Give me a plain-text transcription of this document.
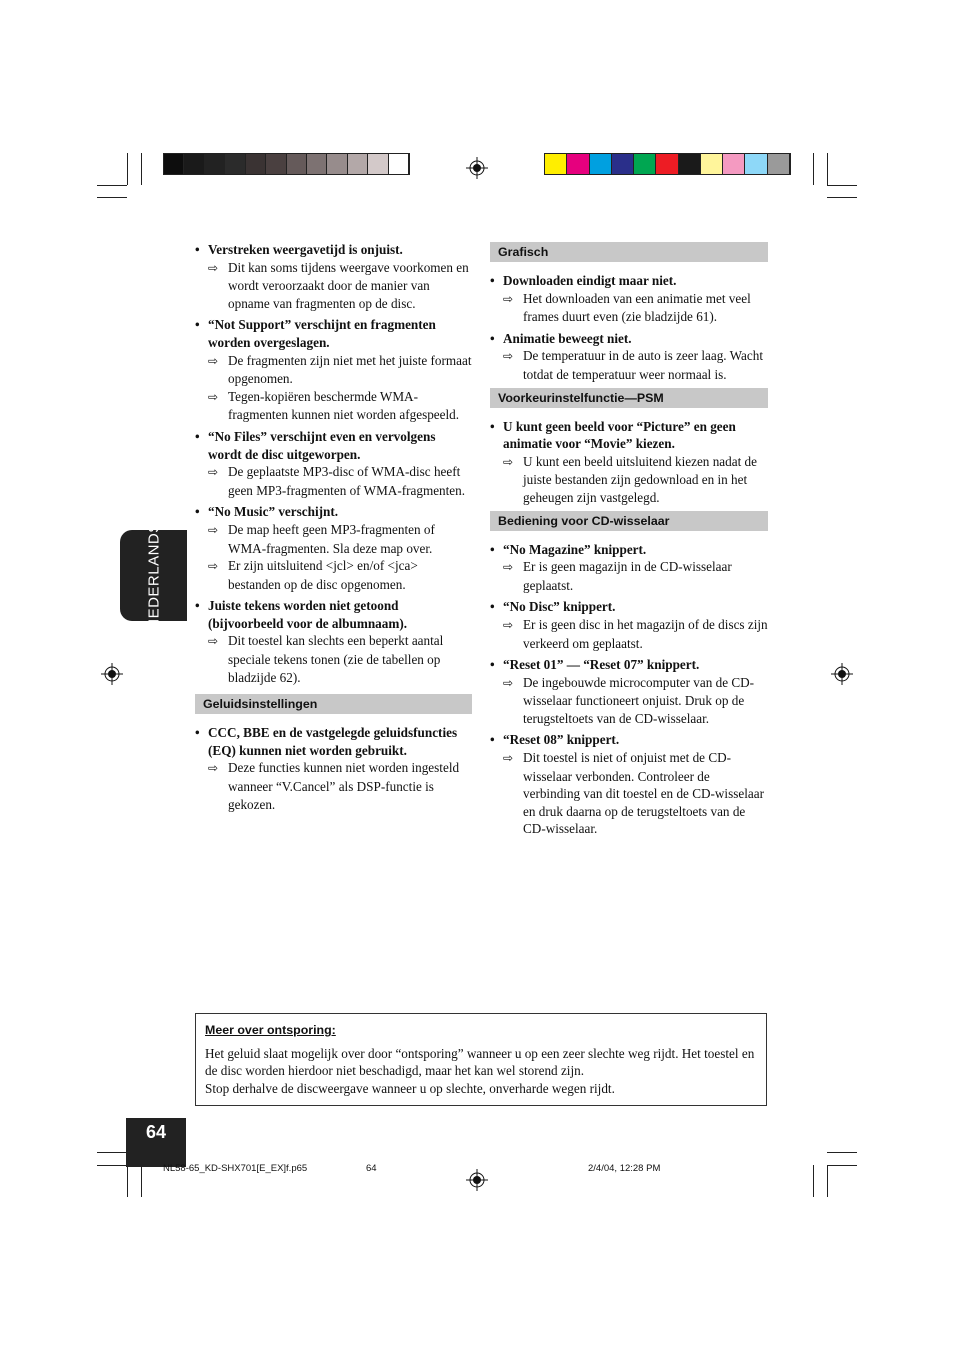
NEDERLANDS
• Verstreken weergavetijd is onjuist.
⇨ Dit kan soms tijdens weergave voorkomen en wordt veroorzaakt door de manier van opname van fragmenten op de disc.
• “Not Support” verschijnt en fragmenten worden overgeslagen.
⇨ De fragmenten zijn niet met het juiste formaat opgenomen.
⇨ Tegen-kopiëren beschermde WMA-fragmenten kunnen niet worden afgespeeld.
• “No Files” verschijnt even en vervolgens wordt de disc uitgeworpen.
⇨ De geplaatste MP3-disc of WMA-disc heeft geen MP3-fragmenten of WMA-fragmenten.
• “No Music” verschijnt.
⇨ De map heeft geen MP3-fragmenten of WMA-fragmenten. Sla deze map over.
⇨ Er zijn uitsluitend <jcl> en/of <jca> bestanden op de disc opgenomen.
• Juiste tekens worden niet getoond (bijvoorbeeld voor de albumnaam).
⇨ Dit toestel kan slechts een beperkt aantal speciale tekens tonen (zie de tabellen op bladzijde 62).
Geluidsinstellingen
• CCC, BBE en de vastgelegde geluidsfuncties (EQ) kunnen niet worden gebruikt.
⇨ Deze functies kunnen niet worden ingesteld wanneer “V.Cancel” als DSP-functie is gekozen.
Grafisch
• Downloaden eindigt maar niet.
⇨ Het downloaden van een animatie met veel frames duurt even (zie bladzijde 61).
• Animatie beweegt niet.
⇨ De temperatuur in de auto is zeer laag. Wacht totdat de temperatuur weer normaal is.
Voorkeurinstelfunctie—PSM
• U kunt geen beeld voor “Picture” en geen animatie voor “Movie” kiezen.
⇨ U kunt een beeld uitsluitend kiezen nadat de juiste bestanden zijn gedownload en in het geheugen zijn vastgelegd.
Bediening voor CD-wisselaar
• “No Magazine” knippert.
⇨ Er is geen magazijn in de CD-wisselaar geplaatst.
• “No Disc” knippert.
⇨ Er is geen disc in het magazijn of de discs zijn verkeerd om geplaatst.
• “Reset 01” — “Reset 07” knippert.
⇨ De ingebouwde microcomputer van de CD-wisselaar functioneert onjuist. Druk op de terugsteltoets van de CD-wisselaar.
• “Reset 08” knippert.
⇨ Dit toestel is niet of onjuist met de CD-wisselaar verbonden. Controleer de verbinding van dit toestel en de CD-wisselaar en druk daarna op de terugsteltoets van de CD-wisselaar.
Meer over ontsporing:
Het geluid slaat mogelijk over door “ontsporing” wanneer u op een zeer slechte weg rijdt. Het toestel en de disc worden hierdoor niet beschadigd, maar het kan wel storend zijn.
Stop derhalve de discweergave wanneer u op slechte, onverharde wegen rijdt.
64
NL58-65_KD-SHX701[E_EX]f.p65	64	2/4/04, 12:28 PM
